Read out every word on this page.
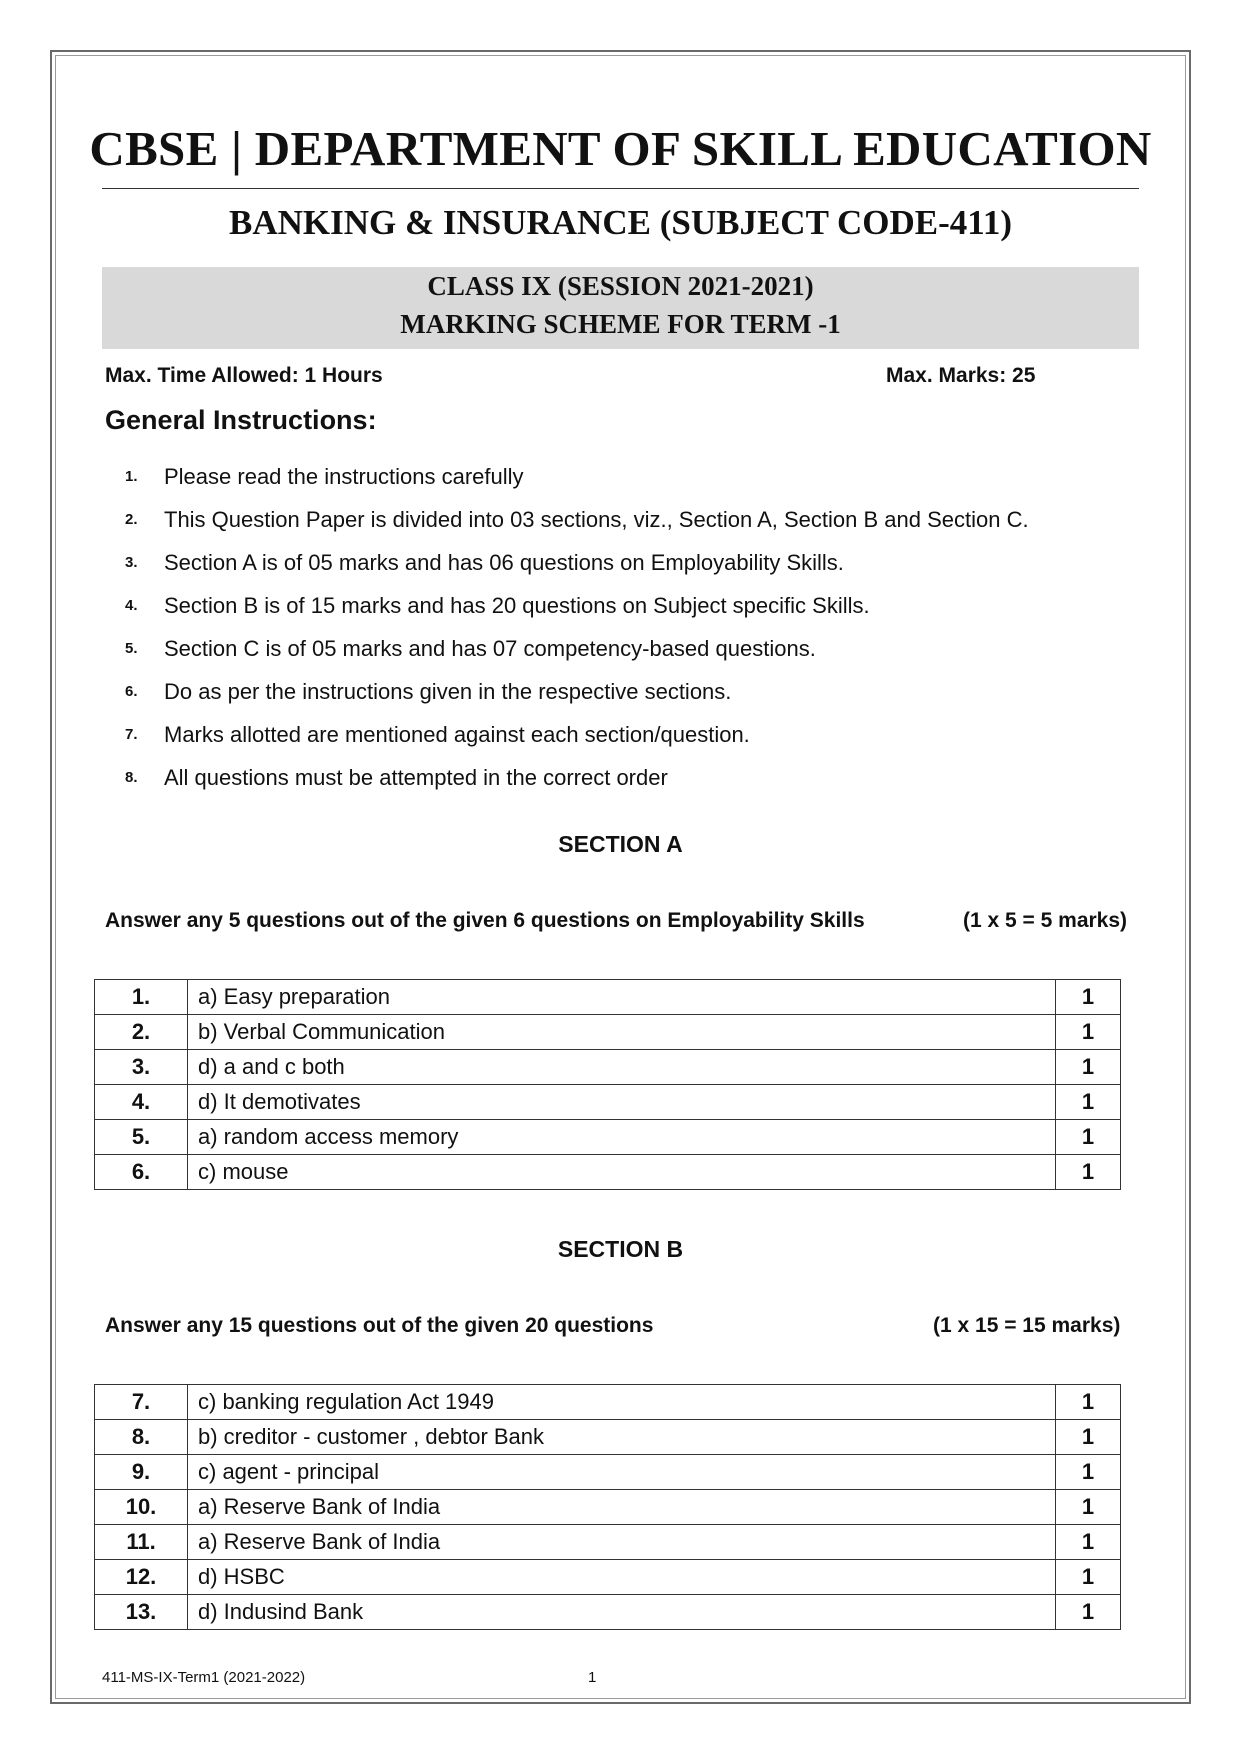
CBSE | DEPARTMENT OF SKILL EDUCATION
BANKING & INSURANCE (SUBJECT CODE-411)
CLASS IX (SESSION 2021-2021)
MARKING SCHEME FOR TERM -1
Max. Time Allowed: 1 Hours	Max. Marks: 25
General Instructions:
1.	Please read the instructions carefully
2.	This Question Paper is divided into 03 sections, viz., Section A, Section B and Section C.
3.	Section A is of 05 marks and has 06 questions on Employability Skills.
4.	Section B is of 15 marks and has 20 questions on Subject specific Skills.
5.	Section C is of 05 marks and has 07 competency-based questions.
6.	Do as per the instructions given in the respective sections.
7.	Marks allotted are mentioned against each section/question.
8.	All questions must be attempted in the correct order
SECTION A
Answer any 5 questions out of the given 6 questions on Employability Skills	(1 x 5 = 5 marks)
1.	a) Easy preparation	1
2.	b) Verbal Communication	1
3.	d) a and c both	1
4.	d) It demotivates	1
5.	a) random access memory	1
6.	c) mouse	1
SECTION B
Answer any 15 questions out of the given 20 questions	(1 x 15 = 15 marks)
7.	c) banking regulation Act 1949	1
8.	b) creditor - customer , debtor Bank	1
9.	c) agent - principal	1
10.	a) Reserve Bank of India	1
11.	a) Reserve Bank of India	1
12.	d) HSBC	1
13.	d) Indusind Bank	1
411-MS-IX-Term1 (2021-2022)	1
